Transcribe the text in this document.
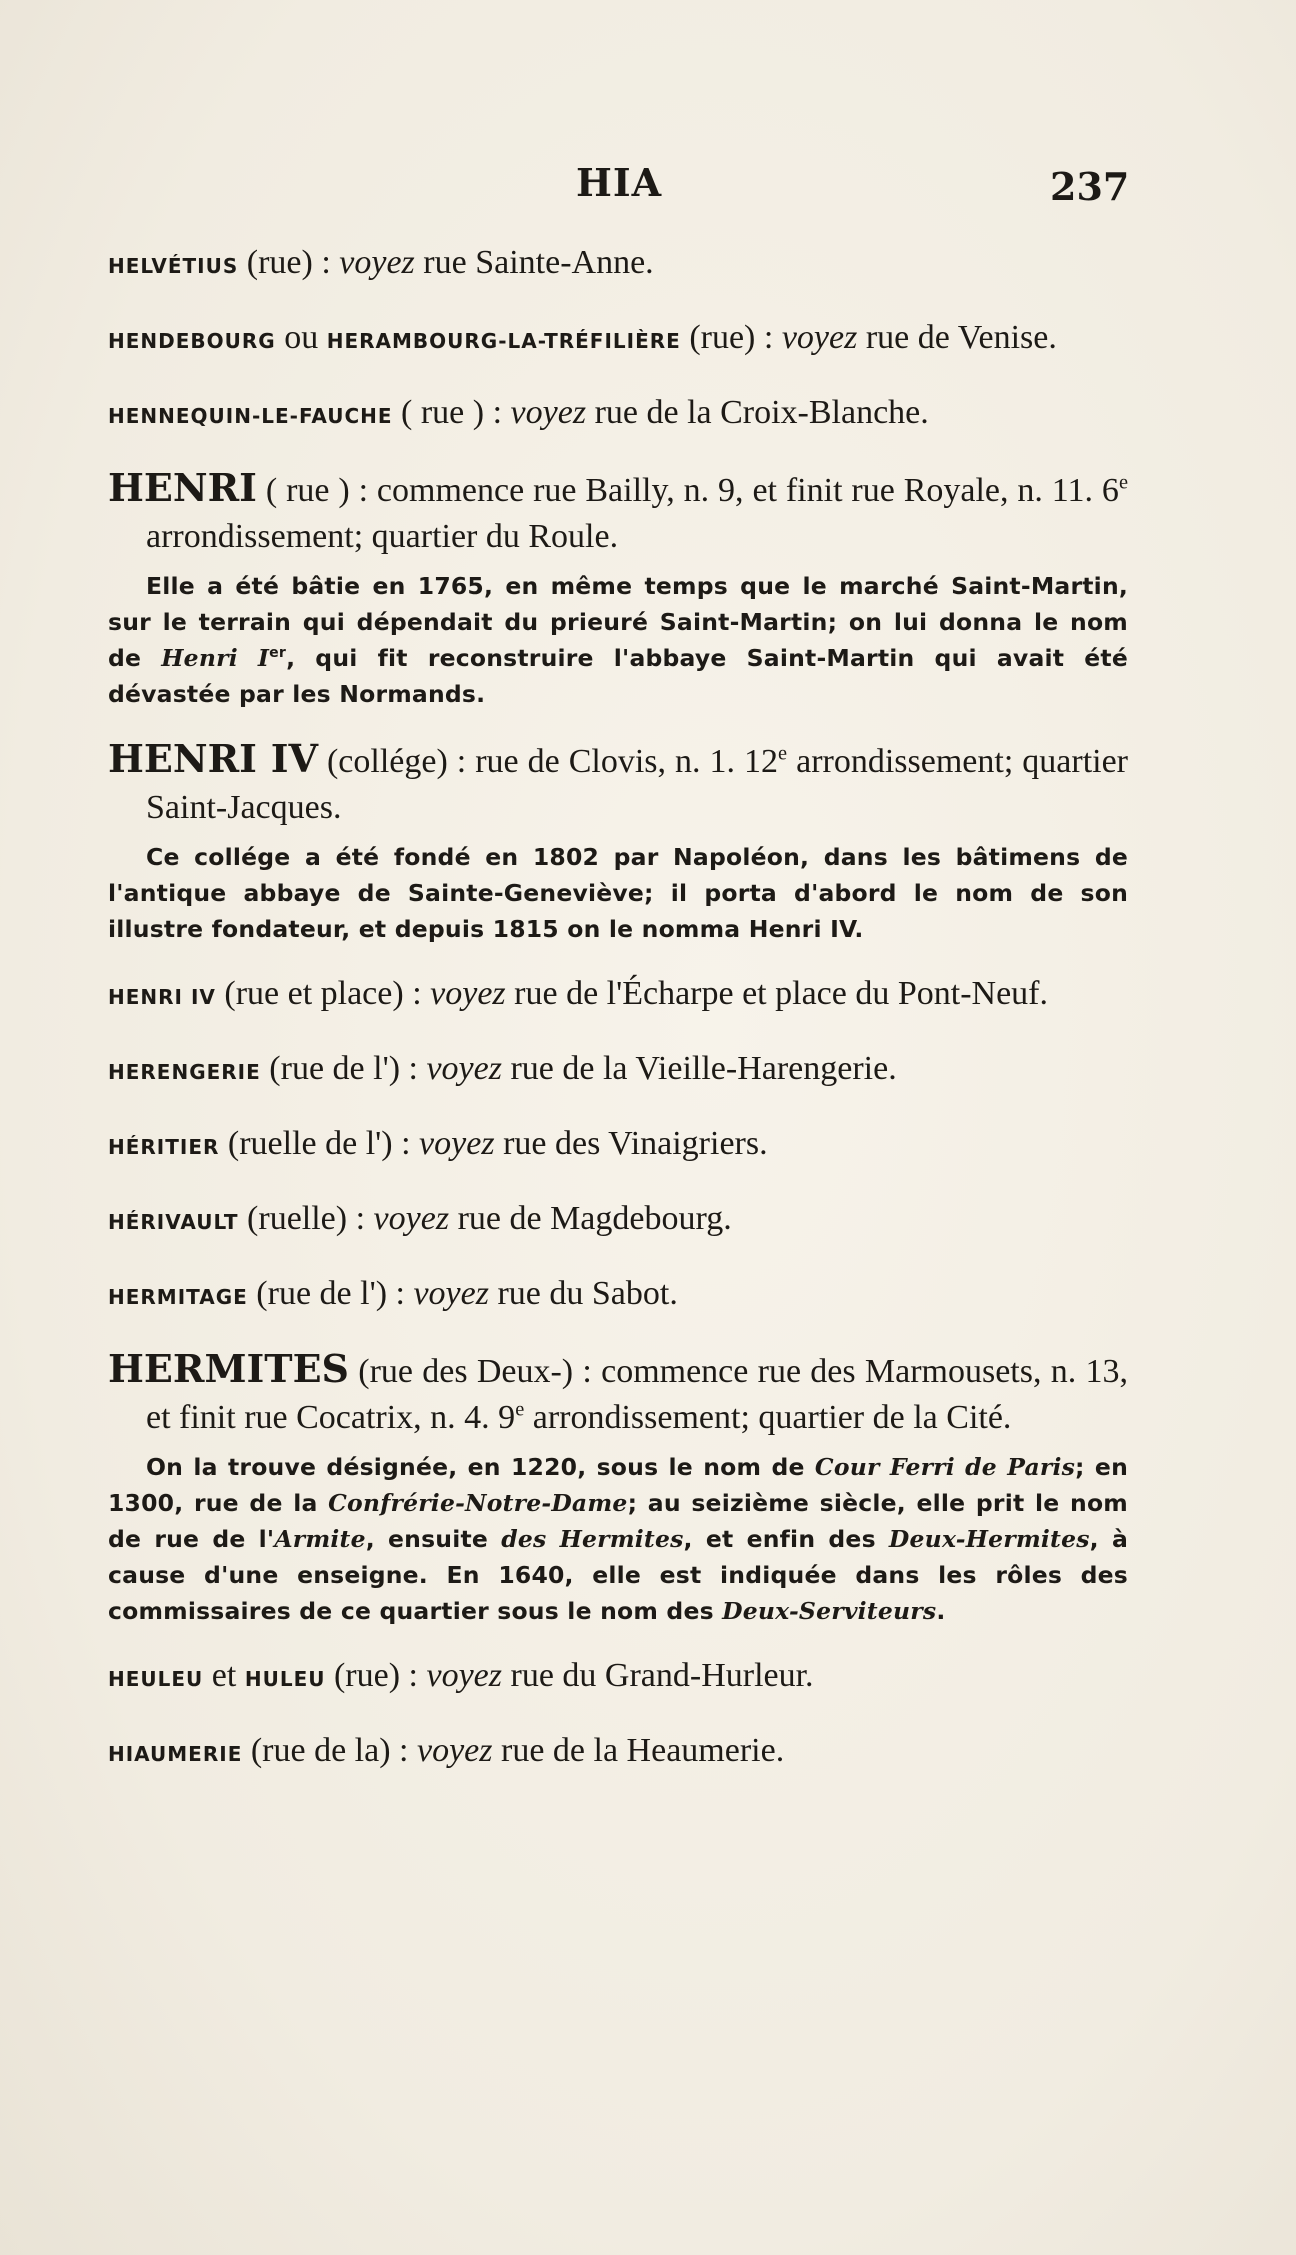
HIA	237
HELVÉTIUS (rue) : voyez rue Sainte-Anne.
HENDEBOURG ou HERAMBOURG-LA-TRÉFILIÈRE (rue) : voyez rue de Venise.
HENNEQUIN-LE-FAUCHE ( rue ) : voyez rue de la Croix-Blanche.
HENRI ( rue ) : commence rue Bailly, n. 9, et finit rue Royale, n. 11. 6e arrondissement; quartier du Roule.
Elle a été bâtie en 1765, en même temps que le marché Saint-Martin, sur le terrain qui dépendait du prieuré Saint-Martin; on lui donna le nom de Henri Ier, qui fit reconstruire l'abbaye Saint-Martin qui avait été dévastée par les Normands.
HENRI IV (collége) : rue de Clovis, n. 1. 12e arrondissement; quartier Saint-Jacques.
Ce collége a été fondé en 1802 par Napoléon, dans les bâtimens de l'antique abbaye de Sainte-Geneviève; il porta d'abord le nom de son illustre fondateur, et depuis 1815 on le nomma Henri IV.
HENRI IV (rue et place) : voyez rue de l'Écharpe et place du Pont-Neuf.
HERENGERIE (rue de l') : voyez rue de la Vieille-Harengerie.
HÉRITIER (ruelle de l') : voyez rue des Vinaigriers.
HÉRIVAULT (ruelle) : voyez rue de Magdebourg.
HERMITAGE (rue de l') : voyez rue du Sabot.
HERMITES (rue des Deux-) : commence rue des Marmousets, n. 13, et finit rue Cocatrix, n. 4. 9e arrondissement; quartier de la Cité.
On la trouve désignée, en 1220, sous le nom de Cour Ferri de Paris; en 1300, rue de la Confrérie-Notre-Dame; au seizième siècle, elle prit le nom de rue de l'Armite, ensuite des Hermites, et enfin des Deux-Hermites, à cause d'une enseigne. En 1640, elle est indiquée dans les rôles des commissaires de ce quartier sous le nom des Deux-Serviteurs.
HEULEU et HULEU (rue) : voyez rue du Grand-Hurleur.
HIAUMERIE (rue de la) : voyez rue de la Heaumerie.
